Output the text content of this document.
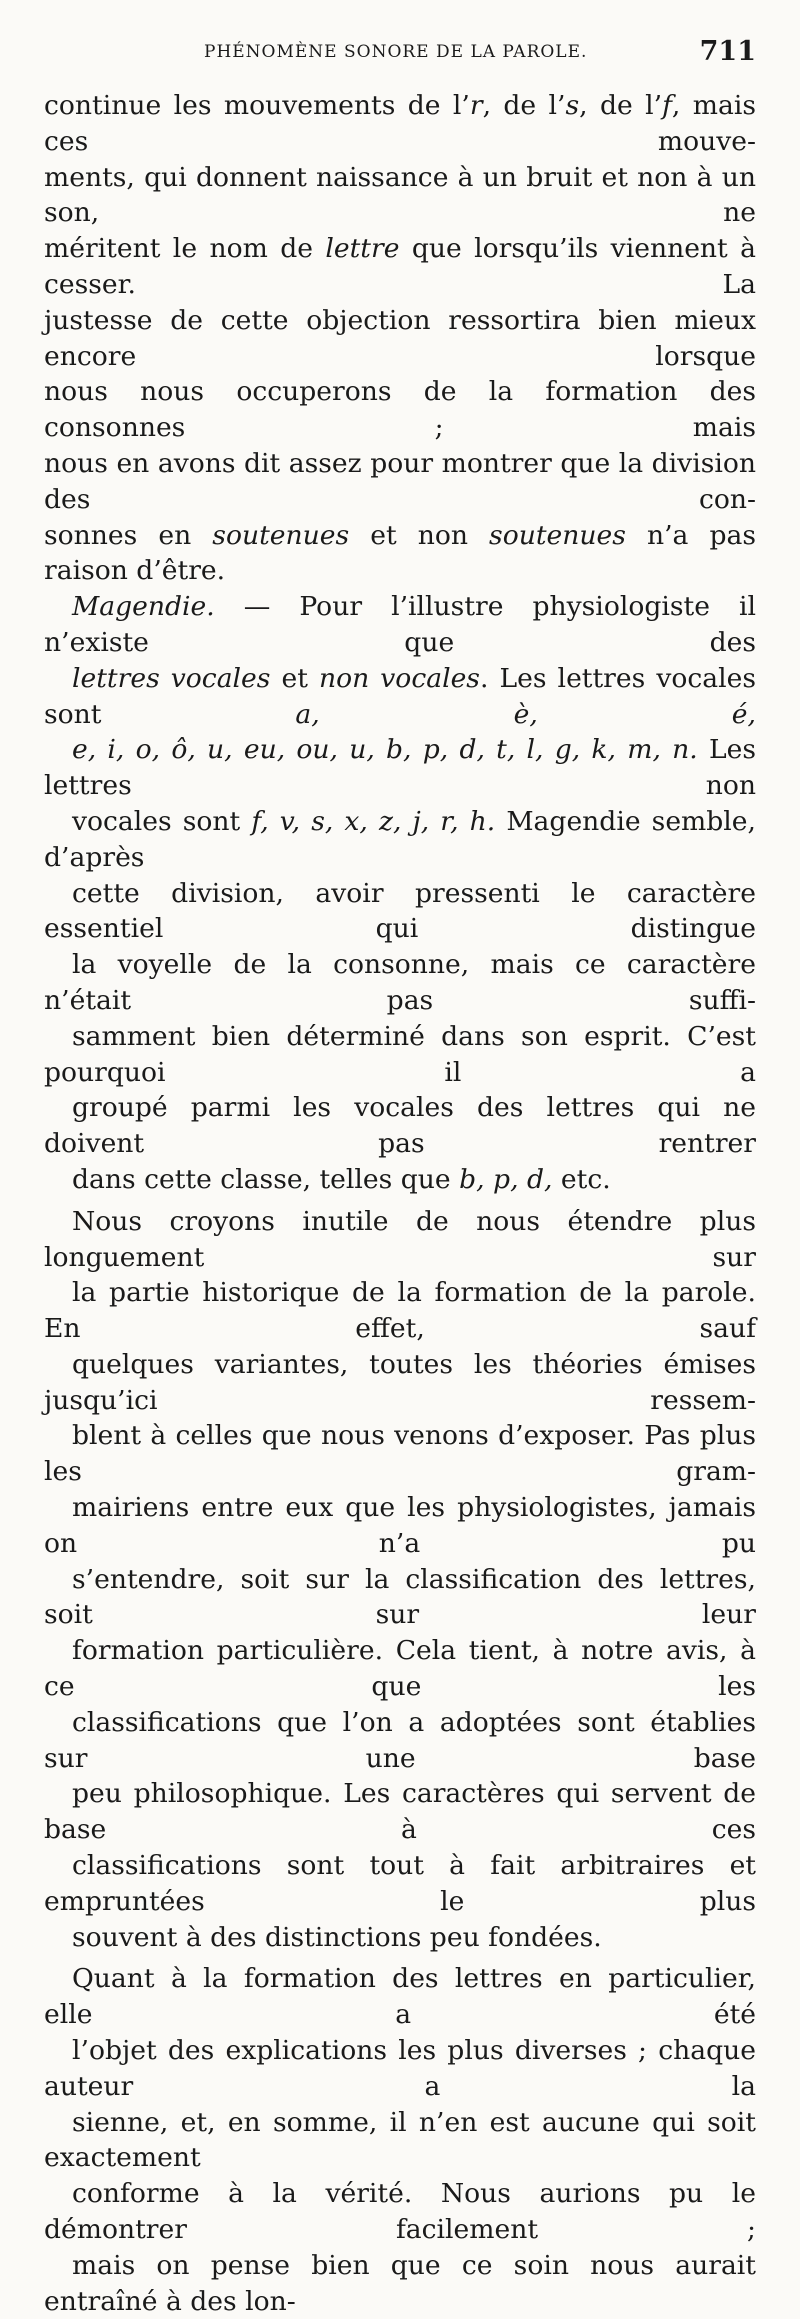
PHÉNOMÈNE SONORE DE LA PAROLE.	711

continue les mouvements de l’r, de l’s, de l’f, mais ces mouve-
ments, qui donnent naissance à un bruit et non à un son, ne
méritent le nom de lettre que lorsqu’ils viennent à cesser. La
justesse de cette objection ressortira bien mieux encore lorsque
nous nous occuperons de la formation des consonnes ; mais
nous en avons dit assez pour montrer que la division des con-
sonnes en soutenues et non soutenues n’a pas raison d’être.

Magendie. — Pour l’illustre physiologiste il n’existe que des
lettres vocales et non vocales. Les lettres vocales sont a, è, é,
e, i, o, ô, u, eu, ou, u, b, p, d, t, l, g, k, m, n. Les lettres non
vocales sont f, v, s, x, z, j, r, h. Magendie semble, d’après
cette division, avoir pressenti le caractère essentiel qui distingue
la voyelle de la consonne, mais ce caractère n’était pas suffi-
samment bien déterminé dans son esprit. C’est pourquoi il a
groupé parmi les vocales des lettres qui ne doivent pas rentrer
dans cette classe, telles que b, p, d, etc.

Nous croyons inutile de nous étendre plus longuement sur
la partie historique de la formation de la parole. En effet, sauf
quelques variantes, toutes les théories émises jusqu’ici ressem-
blent à celles que nous venons d’exposer. Pas plus les gram-
mairiens entre eux que les physiologistes, jamais on n’a pu
s’entendre, soit sur la classification des lettres, soit sur leur
formation particulière. Cela tient, à notre avis, à ce que les
classifications que l’on a adoptées sont établies sur une base
peu philosophique. Les caractères qui servent de base à ces
classifications sont tout à fait arbitraires et empruntées le plus
souvent à des distinctions peu fondées.

Quant à la formation des lettres en particulier, elle a été
l’objet des explications les plus diverses ; chaque auteur a la
sienne, et, en somme, il n’en est aucune qui soit exactement
conforme à la vérité. Nous aurions pu le démontrer facilement ;
mais on pense bien que ce soin nous aurait entraîné à des lon-
